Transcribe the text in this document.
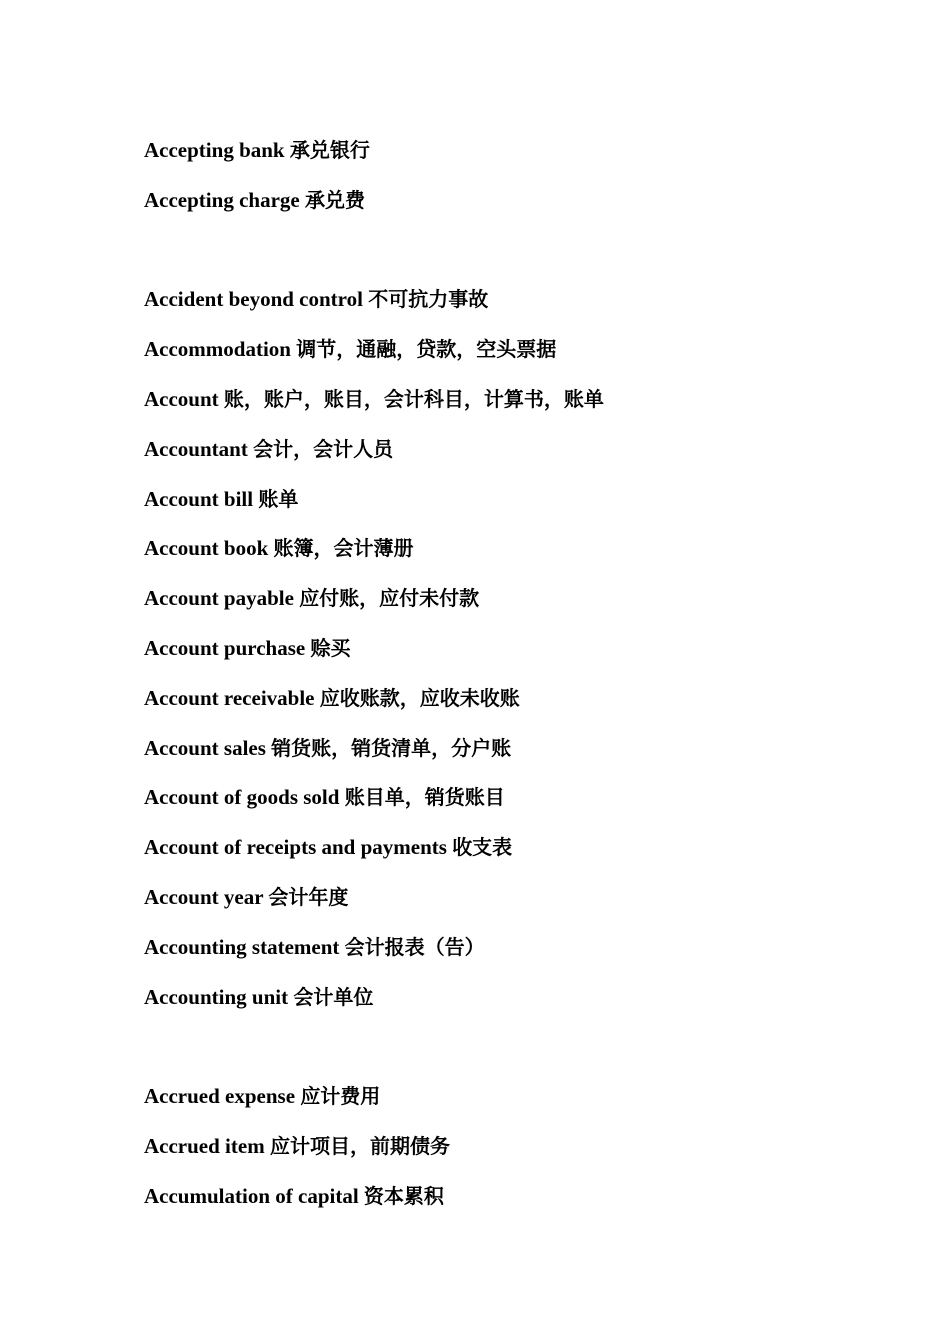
Accepting bank 承兑银行
Accepting charge 承兑费
Accident beyond control 不可抗力事故
Accommodation 调节，通融，贷款，空头票据
Account 账，账户，账目，会计科目，计算书，账单
Accountant 会计，会计人员
Account bill 账单
Account book 账簿，会计薄册
Account payable 应付账，应付未付款
Account purchase 赊买
Account receivable 应收账款，应收未收账
Account sales 销货账，销货清单，分户账
Account of goods sold 账目单，销货账目
Account of receipts and payments 收支表
Account year 会计年度
Accounting statement 会计报表（告）
Accounting unit 会计单位
Accrued expense 应计费用
Accrued item 应计项目，前期债务
Accumulation of capital 资本累积
